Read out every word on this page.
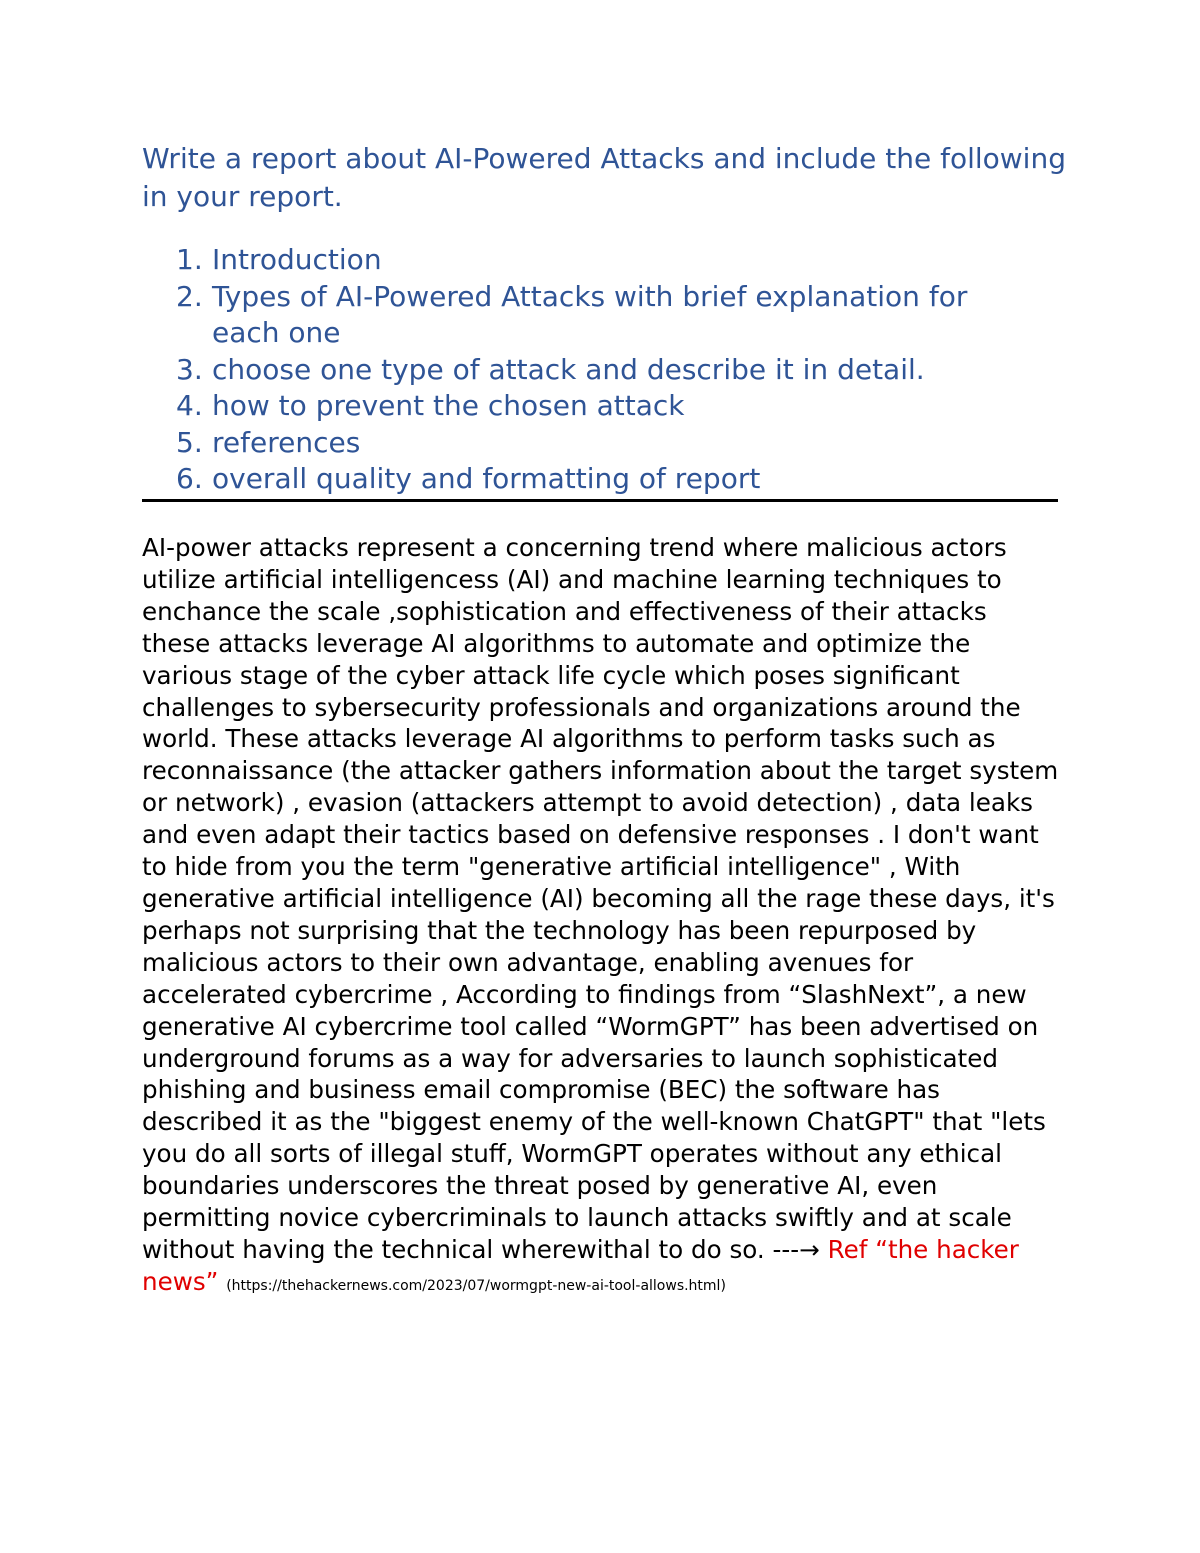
Write a report about AI-Powered Attacks and include the following in your report.
1. Introduction
2. Types of AI-Powered Attacks with brief explanation for each one
3. choose one type of attack and describe it in detail.
4. how to prevent the chosen attack
5. references
6. overall quality and formatting of report

AI-power attacks represent a concerning trend where malicious actors utilize artificial intelligencess (AI) and machine learning techniques to enchance the scale ,sophistication and effectiveness of their attacks these attacks leverage AI algorithms to automate and optimize the various stage of the cyber attack life cycle which poses significant challenges to sybersecurity professionals and organizations around the world. These attacks leverage AI algorithms to perform tasks such as reconnaissance (the attacker gathers information about the target system or network) , evasion (attackers attempt to avoid detection) , data leaks and even adapt their tactics based on defensive responses . I don't want to hide from you the term "generative artificial intelligence" , With generative artificial intelligence (AI) becoming all the rage these days, it's perhaps not surprising that the technology has been repurposed by malicious actors to their own advantage, enabling avenues for accelerated cybercrime , According to findings from “SlashNext”, a new generative AI cybercrime tool called “WormGPT” has been advertised on underground forums as a way for adversaries to launch sophisticated phishing and business email compromise (BEC) the software has described it as the "biggest enemy of the well-known ChatGPT" that "lets you do all sorts of illegal stuff, WormGPT operates without any ethical boundaries underscores the threat posed by generative AI, even permitting novice cybercriminals to launch attacks swiftly and at scale without having the technical wherewithal to do so. ---→ Ref “the hacker news” (https://thehackernews.com/2023/07/wormgpt-new-ai-tool-allows.html)
